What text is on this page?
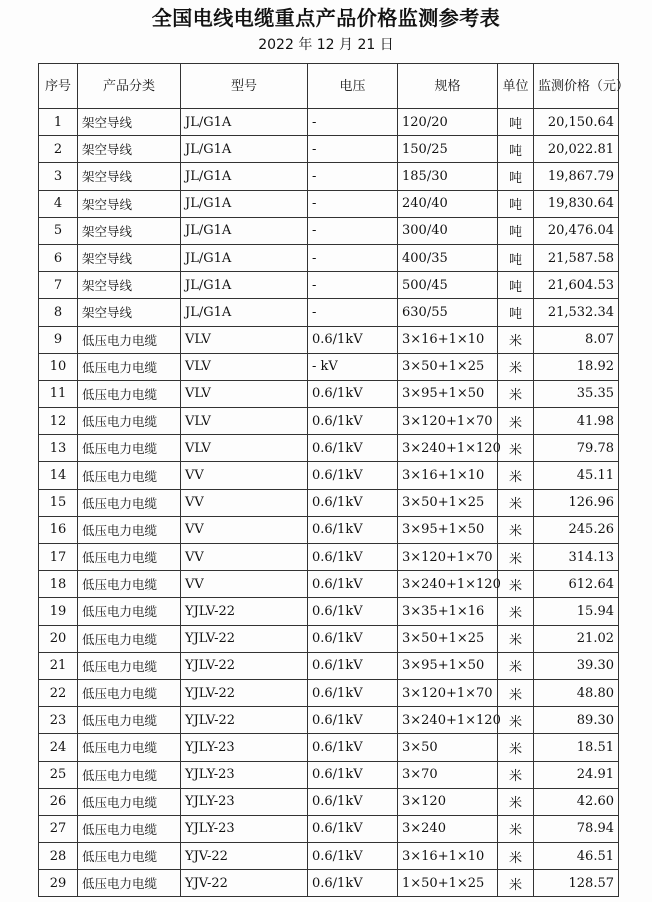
全国电线电缆重点产品价格监测参考表
2022 年 12 月 21 日
序号	产品分类	型号	电压	规格	单位	监测价格（元）
1	架空导线	JL/G1A	-	120/20	吨	20,150.64
2	架空导线	JL/G1A	-	150/25	吨	20,022.81
3	架空导线	JL/G1A	-	185/30	吨	19,867.79
4	架空导线	JL/G1A	-	240/40	吨	19,830.64
5	架空导线	JL/G1A	-	300/40	吨	20,476.04
6	架空导线	JL/G1A	-	400/35	吨	21,587.58
7	架空导线	JL/G1A	-	500/45	吨	21,604.53
8	架空导线	JL/G1A	-	630/55	吨	21,532.34
9	低压电力电缆	VLV	0.6/1kV	3×16+1×10	米	8.07
10	低压电力电缆	VLV	- kV	3×50+1×25	米	18.92
11	低压电力电缆	VLV	0.6/1kV	3×95+1×50	米	35.35
12	低压电力电缆	VLV	0.6/1kV	3×120+1×70	米	41.98
13	低压电力电缆	VLV	0.6/1kV	3×240+1×120	米	79.78
14	低压电力电缆	VV	0.6/1kV	3×16+1×10	米	45.11
15	低压电力电缆	VV	0.6/1kV	3×50+1×25	米	126.96
16	低压电力电缆	VV	0.6/1kV	3×95+1×50	米	245.26
17	低压电力电缆	VV	0.6/1kV	3×120+1×70	米	314.13
18	低压电力电缆	VV	0.6/1kV	3×240+1×120	米	612.64
19	低压电力电缆	YJLV-22	0.6/1kV	3×35+1×16	米	15.94
20	低压电力电缆	YJLV-22	0.6/1kV	3×50+1×25	米	21.02
21	低压电力电缆	YJLV-22	0.6/1kV	3×95+1×50	米	39.30
22	低压电力电缆	YJLV-22	0.6/1kV	3×120+1×70	米	48.80
23	低压电力电缆	YJLV-22	0.6/1kV	3×240+1×120	米	89.30
24	低压电力电缆	YJLY-23	0.6/1kV	3×50	米	18.51
25	低压电力电缆	YJLY-23	0.6/1kV	3×70	米	24.91
26	低压电力电缆	YJLY-23	0.6/1kV	3×120	米	42.60
27	低压电力电缆	YJLY-23	0.6/1kV	3×240	米	78.94
28	低压电力电缆	YJV-22	0.6/1kV	3×16+1×10	米	46.51
29	低压电力电缆	YJV-22	0.6/1kV	1×50+1×25	米	128.57
